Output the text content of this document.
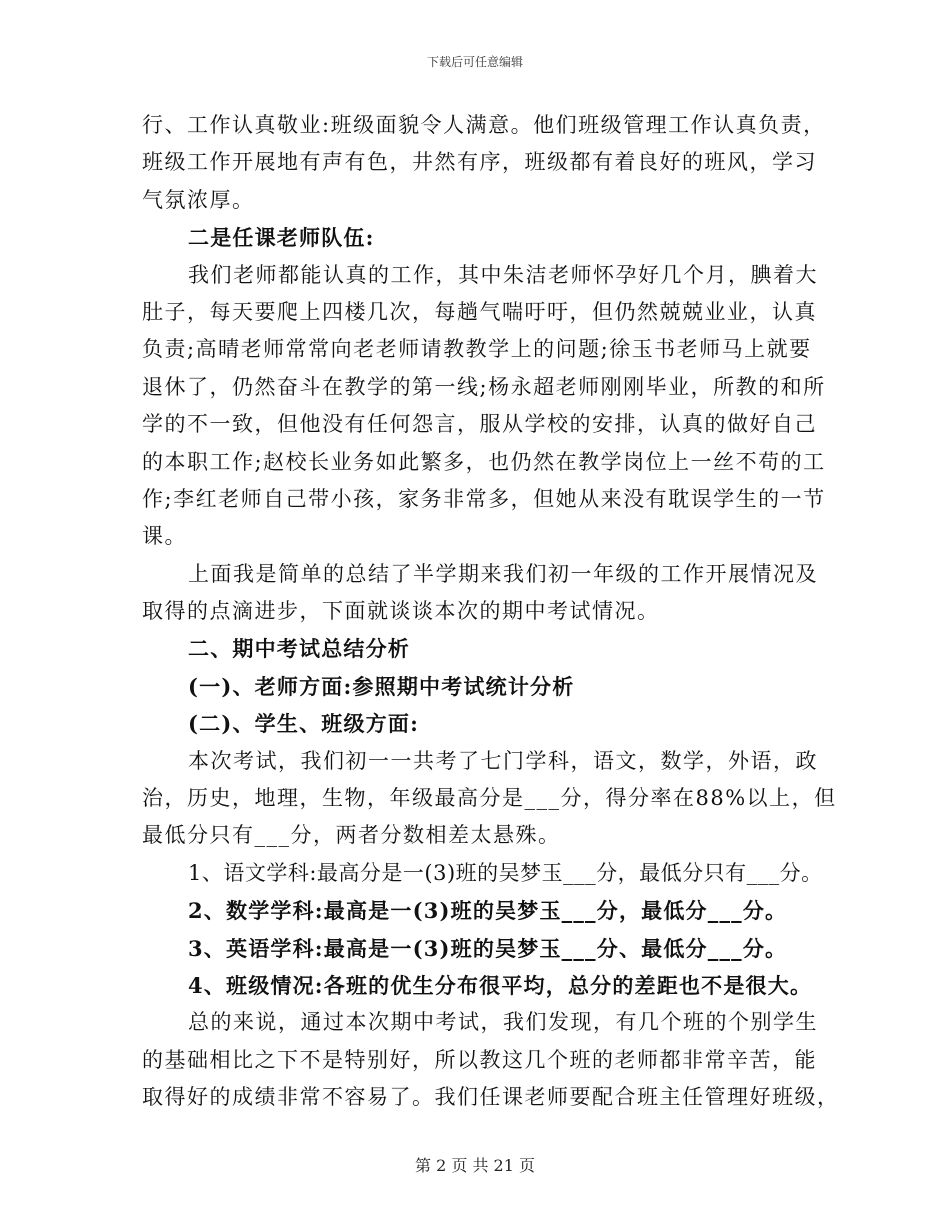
下载后可任意编辑
行、工作认真敬业:班级面貌令人满意。他们班级管理工作认真负责，
班级工作开展地有声有色，井然有序，班级都有着良好的班风，学习
气氛浓厚。
二是任课老师队伍:
我们老师都能认真的工作，其中朱洁老师怀孕好几个月，腆着大
肚子，每天要爬上四楼几次，每趟气喘吁吁，但仍然兢兢业业，认真
负责;高晴老师常常向老老师请教教学上的问题;徐玉书老师马上就要
退休了，仍然奋斗在教学的第一线;杨永超老师刚刚毕业，所教的和所
学的不一致，但他没有任何怨言，服从学校的安排，认真的做好自己
的本职工作;赵校长业务如此繁多，也仍然在教学岗位上一丝不苟的工
作;李红老师自己带小孩，家务非常多，但她从来没有耽误学生的一节
课。
上面我是简单的总结了半学期来我们初一年级的工作开展情况及
取得的点滴进步，下面就谈谈本次的期中考试情况。
二、期中考试总结分析
(一)、老师方面:参照期中考试统计分析
(二)、学生、班级方面:
本次考试，我们初一一共考了七门学科，语文，数学，外语，政
治，历史，地理，生物，年级最高分是___分，得分率在88%以上，但
最低分只有___分，两者分数相差太悬殊。
1、语文学科:最高分是一(3)班的吴梦玉___分，最低分只有___分。
2、数学学科:最高是一(3)班的吴梦玉___分，最低分___分。
3、英语学科:最高是一(3)班的吴梦玉___分、最低分___分。
4、班级情况:各班的优生分布很平均，总分的差距也不是很大。
总的来说，通过本次期中考试，我们发现，有几个班的个别学生
的基础相比之下不是特别好，所以教这几个班的老师都非常辛苦，能
取得好的成绩非常不容易了。我们任课老师要配合班主任管理好班级，
第 2 页 共 21 页
